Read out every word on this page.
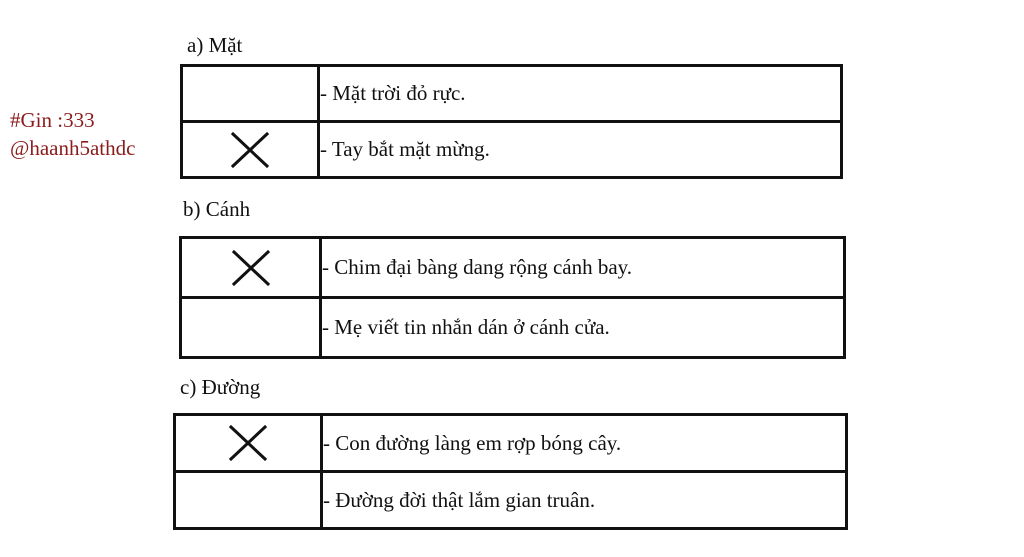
#Gin :333
@haanh5athdc
a) Mặt
	- Mặt trời đỏ rực.

	- Tay bắt mặt mừng.
b) Cánh
	- Chim đại bàng dang rộng cánh bay.
	- Mẹ viết tin nhắn dán ở cánh cửa.
c) Đường
	- Con đường làng em rợp bóng cây.
	- Đường đời thật lắm gian truân.
